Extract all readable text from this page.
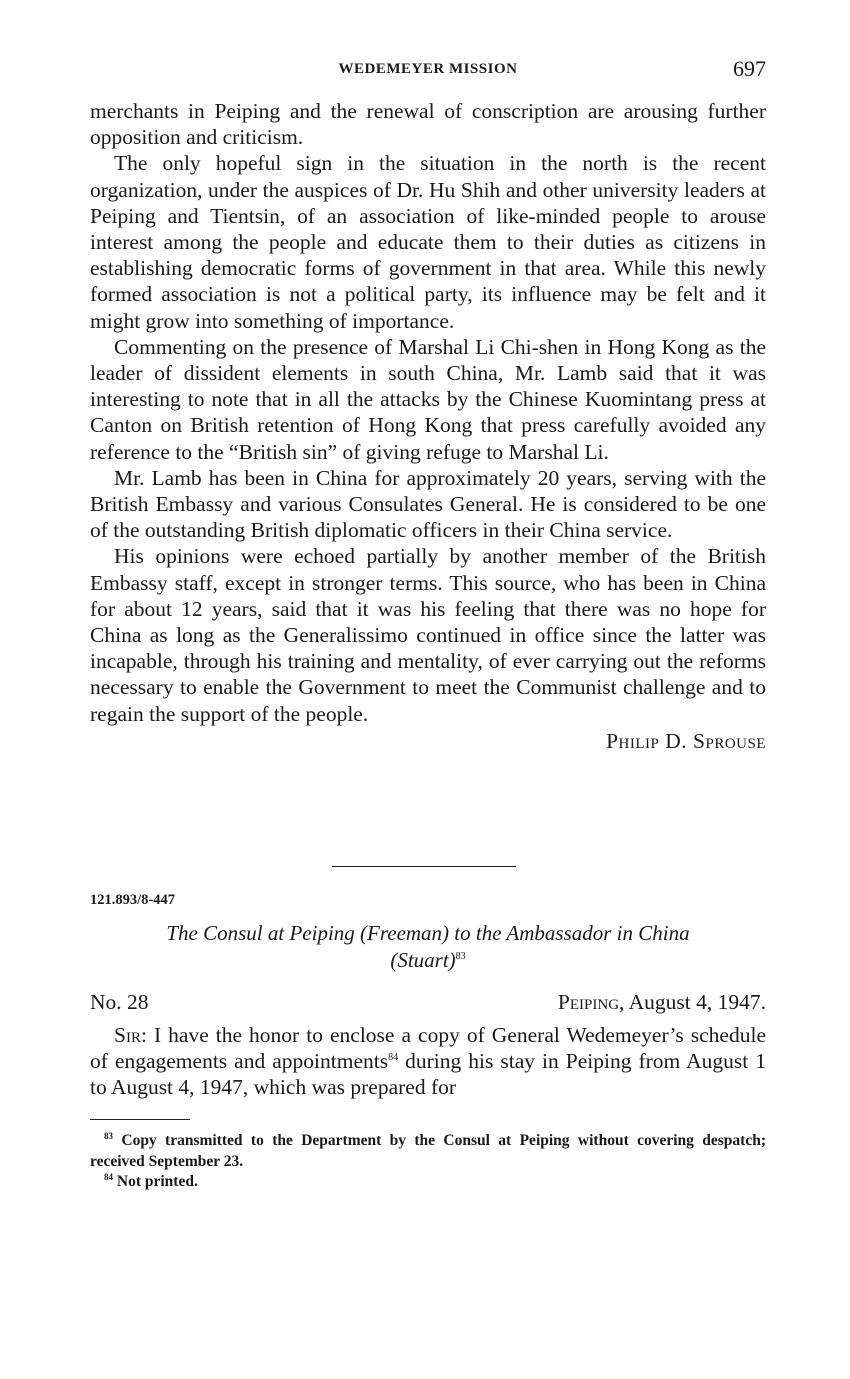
WEDEMEYER MISSION	697

merchants in Peiping and the renewal of conscription are arousing further opposition and criticism.

The only hopeful sign in the situation in the north is the recent organization, under the auspices of Dr. Hu Shih and other university leaders at Peiping and Tientsin, of an association of like-minded people to arouse interest among the people and educate them to their duties as citizens in establishing democratic forms of government in that area. While this newly formed association is not a political party, its influence may be felt and it might grow into something of importance.

Commenting on the presence of Marshal Li Chi-shen in Hong Kong as the leader of dissident elements in south China, Mr. Lamb said that it was interesting to note that in all the attacks by the Chinese Kuomintang press at Canton on British retention of Hong Kong that press carefully avoided any reference to the “British sin” of giving refuge to Marshal Li.

Mr. Lamb has been in China for approximately 20 years, serving with the British Embassy and various Consulates General. He is considered to be one of the outstanding British diplomatic officers in their China service.

His opinions were echoed partially by another member of the British Embassy staff, except in stronger terms. This source, who has been in China for about 12 years, said that it was his feeling that there was no hope for China as long as the Generalissimo continued in office since the latter was incapable, through his training and mentality, of ever carrying out the reforms necessary to enable the Government to meet the Communist challenge and to regain the support of the people.

Philip D. Sprouse
121.893/8-447
The Consul at Peiping (Freeman) to the Ambassador in China
(Stuart)$^{83}$
No. 28	Peiping, August 4, 1947.

Sir: I have the honor to enclose a copy of General Wedemeyer’s schedule of engagements and appointments$^{84}$ during his stay in Peiping from August 1 to August 4, 1947, which was prepared for

$^{83}$ Copy transmitted to the Department by the Consul at Peiping without covering despatch; received September 23.

$^{84}$ Not printed.
